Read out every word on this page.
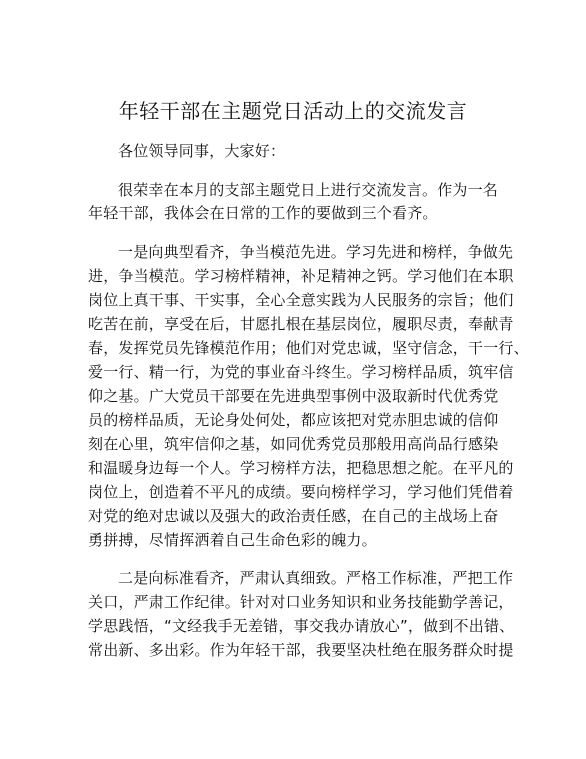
年轻干部在主题党日活动上的交流发言
各位领导同事，大家好：
很荣幸在本月的支部主题党日上进行交流发言。作为一名
年轻干部，我体会在日常的工作的要做到三个看齐。
一是向典型看齐，争当模范先进。学习先进和榜样，争做先
进，争当模范。学习榜样精神，补足精神之钙。学习他们在本职
岗位上真干事、干实事，全心全意实践为人民服务的宗旨；他们
吃苦在前，享受在后，甘愿扎根在基层岗位，履职尽责，奉献青
春，发挥党员先锋模范作用；他们对党忠诚，坚守信念，干一行、
爱一行、精一行，为党的事业奋斗终生。学习榜样品质，筑牢信
仰之基。广大党员干部要在先进典型事例中汲取新时代优秀党
员的榜样品质，无论身处何处，都应该把对党赤胆忠诚的信仰
刻在心里，筑牢信仰之基，如同优秀党员那般用高尚品行感染
和温暖身边每一个人。学习榜样方法，把稳思想之舵。在平凡的
岗位上，创造着不平凡的成绩。要向榜样学习，学习他们凭借着
对党的绝对忠诚以及强大的政治责任感，在自己的主战场上奋
勇拼搏，尽情挥洒着自己生命色彩的魄力。
二是向标准看齐，严肃认真细致。严格工作标准，严把工作
关口，严肃工作纪律。针对对口业务知识和业务技能勤学善记，
学思践悟，“文经我手无差错，事交我办请放心”，做到不出错、
常出新、多出彩。作为年轻干部，我要坚决杜绝在服务群众时提
